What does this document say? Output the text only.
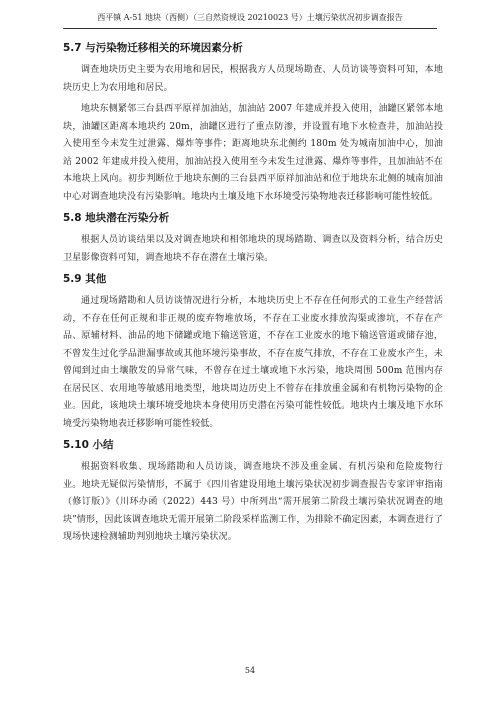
西平镇 A-51 地块（西侧）（三自然资规设 20210023 号）土壤污染状况初步调查报告
5.7 与污染物迁移相关的环境因素分析

调查地块历史主要为农用地和居民，根据我方人员现场勘查、人员访谈等资料可知，本地块历史上为农用地和居民。

地块东侧紧邻三台县西平原祥加油站，加油站 2007 年建成并投入使用，油罐区紧邻本地块，油罐区距离本地块约 20m，油罐区进行了重点防渗，并设置有地下水检查井，加油站投入使用至今未发生过泄露、爆炸等事件；距离地块东北侧约 180m 处为城南加油中心，加油站 2002 年建成并投入使用，加油站投入使用至今未发生过泄露、爆炸等事件，且加油站不在本地块上风向。初步判断位于地块东侧的三台县西平原祥加油站和位于地块东北侧的城南加油中心对调查地块没有污染影响。地块内土壤及地下水环境受污染物地表迁移影响可能性较低。

5.8 地块潜在污染分析

根据人员访谈结果以及对调查地块和相邻地块的现场踏勘、调查以及资料分析，结合历史卫星影像资料可知，调查地块不存在潜在土壤污染。

5.9 其他

通过现场踏勘和人员访谈情况进行分析，本地块历史上不存在任何形式的工业生产经营活动，不存在任何正规和非正规的废弃物堆放场，不存在工业废水排放沟渠或渗坑，不存在产品、原辅材料、油品的地下储罐或地下输送管道，不存在工业废水的地下输送管道或储存池，不曾发生过化学品泄漏事故或其他环境污染事故，不存在废气排放，不存在工业废水产生，未曾闻到过由土壤散发的异常气味，不曾存在过土壤或地下水污染，地块周围 500m 范围内存在居民区、农用地等敏感用地类型，地块周边历史上不曾存在排放重金属和有机物污染物的企业。因此，该地块土壤环境受地块本身使用历史潜在污染可能性较低。地块内土壤及地下水环境受污染物地表迁移影响可能性较低。

5.10 小结

根据资料收集、现场踏勘和人员访谈，调查地块不涉及重金属、有机污染和危险废物行业。地块无疑似污染情形，不属于《四川省建设用地土壤污染状况初步调查报告专家评审指南（修订版）》（川环办函（2022）443 号）中所列出“需开展第二阶段土壤污染状况调查的地块”情形，因此该调查地块无需开展第二阶段采样监测工作，为排除不确定因素，本调查进行了现场快速检测辅助判别地块土壤污染状况。

54
